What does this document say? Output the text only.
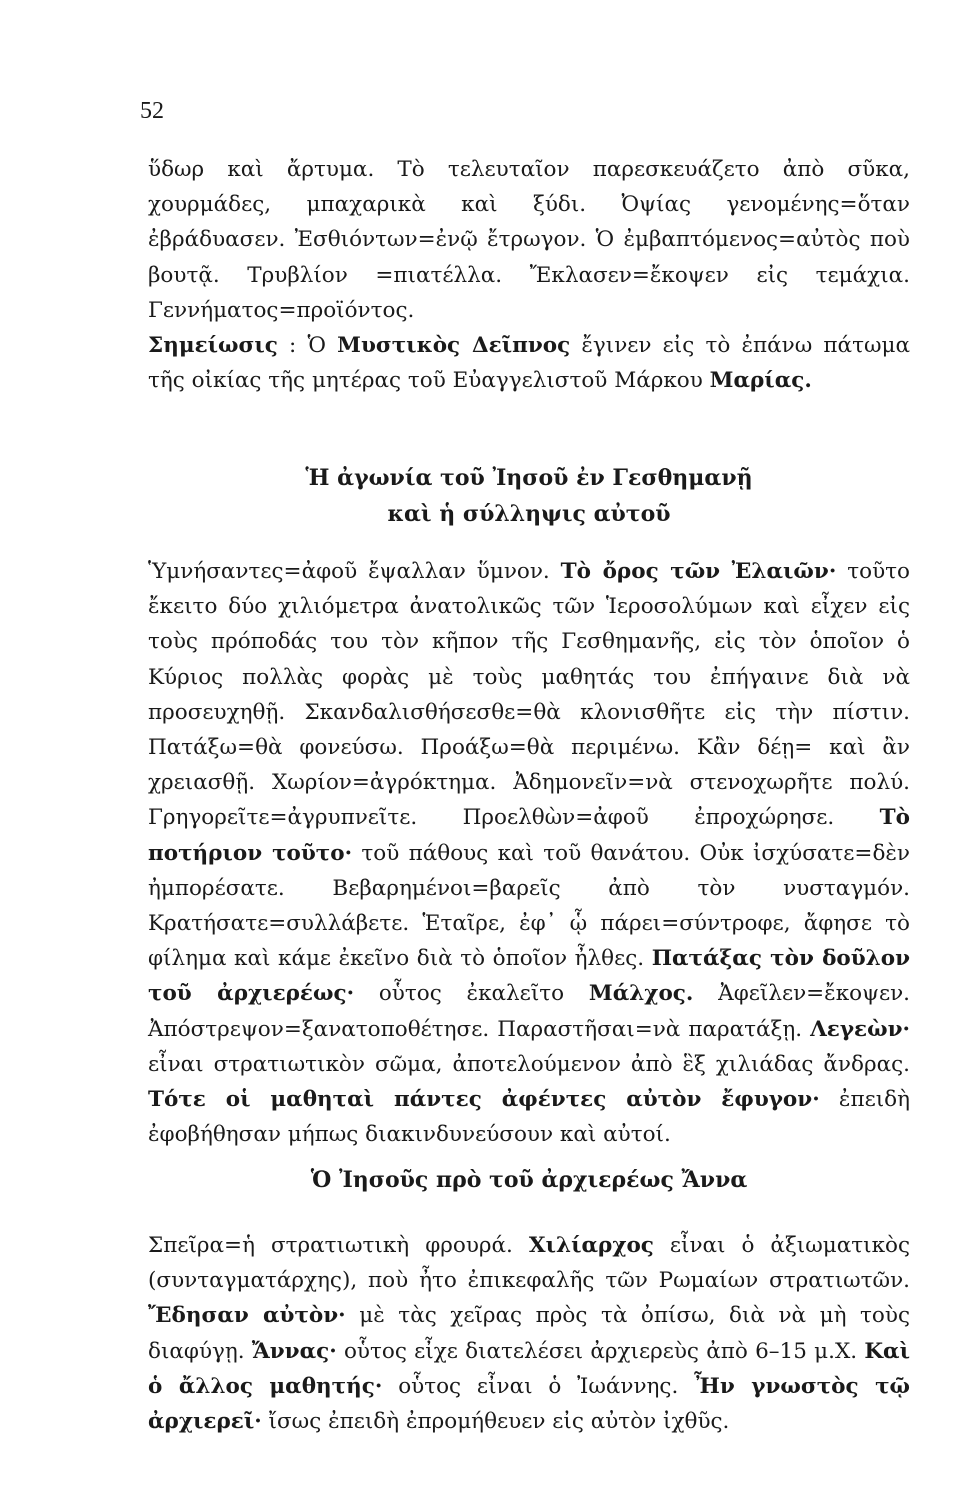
52

ὕδωρ καὶ ἄρτυμα. Τὸ τελευταῖον παρεσκευάζετο ἀπὸ σῦκα, χουρμάδες, μπαχαρικὰ καὶ ξύδι. Ὀψίας γενομένης=ὅταν ἐβράδυασεν. Ἐσθιόντων=ἐνῷ ἔτρωγον. Ὁ ἐμβαπτόμενος=αὐτὸς ποὺ βουτᾷ. Τρυβλίον =πιατέλλα. Ἔκλασεν=ἔκοψεν εἰς τεμάχια. Γεννήματος=προϊόντος.
Σημείωσις : Ὁ Μυστικὸς Δεῖπνος ἔγινεν εἰς τὸ ἐπάνω πάτωμα τῆς οἰκίας τῆς μητέρας τοῦ Εὐαγγελιστοῦ Μάρκου Μαρίας.

Ἡ ἀγωνία τοῦ Ἰησοῦ ἐν Γεσθημανῇ
καὶ ἡ σύλληψις αὐτοῦ

Ὑμνήσαντες=ἀφοῦ ἔψαλλαν ὕμνον. Τὸ ὄρος τῶν Ἐλαιῶν· τοῦτο ἔκειτο δύο χιλιόμετρα ἀνατολικῶς τῶν Ἱεροσολύμων καὶ εἶχεν εἰς τοὺς πρόποδάς του τὸν κῆπον τῆς Γεσθημανῆς, εἰς τὸν ὁποῖον ὁ Κύριος πολλὰς φορὰς μὲ τοὺς μαθητάς του ἐπήγαινε διὰ νὰ προσευχηθῇ. Σκανδαλισθήσεσθε=θὰ κλονισθῆτε εἰς τὴν πίστιν. Πατάξω=θὰ φονεύσω. Προάξω=θὰ περιμένω. Κἂν δέῃ= καὶ ἂν χρειασθῇ. Χωρίον=ἀγρόκτημα. Ἀδημονεῖν=νὰ στενοχωρῆτε πολύ. Γρηγορεῖτε=ἀγρυπνεῖτε. Προελθὼν=ἀφοῦ ἐπροχώρησε. Τὸ ποτήριον τοῦτο· τοῦ πάθους καὶ τοῦ θανάτου. Οὐκ ἰσχύσατε=δὲν ἠμπορέσατε. Βεβαρημένοι=βαρεῖς ἀπὸ τὸν νυσταγμόν. Κρατήσατε=συλλάβετε. Ἑταῖρε, ἐφ᾽ ᾧ πάρει=σύντροφε, ἄφησε τὸ φίλημα καὶ κάμε ἐκεῖνο διὰ τὸ ὁποῖον ἦλθες. Πατάξας τὸν δοῦλον τοῦ ἀρχιερέως· οὗτος ἐκαλεῖτο Μάλχος. Ἀφεῖλεν=ἔκοψεν. Ἀπόστρεψον=ξανατοποθέτησε. Παραστῆσαι=νὰ παρατάξῃ. Λεγεὼν· εἶναι στρατιωτικὸν σῶμα, ἀποτελούμενον ἀπὸ ἓξ χιλιάδας ἄνδρας. Τότε οἱ μαθηταὶ πάντες ἀφέντες αὐτὸν ἔφυγον· ἐπειδὴ ἐφοβήθησαν μήπως διακινδυνεύσουν καὶ αὐτοί.

Ὁ Ἰησοῦς πρὸ τοῦ ἀρχιερέως Ἄννα

Σπεῖρα=ἡ στρατιωτικὴ φρουρά. Χιλίαρχος εἶναι ὁ ἀξιωματικὸς (συνταγματάρχης), ποὺ ἦτο ἐπικεφαλῆς τῶν Ρωμαίων στρατιωτῶν. Ἔδησαν αὐτὸν· μὲ τὰς χεῖρας πρὸς τὰ ὀπίσω, διὰ νὰ μὴ τοὺς διαφύγῃ. Ἄννας· οὗτος εἶχε διατελέσει ἀρχιερεὺς ἀπὸ 6–15 μ.Χ. Καὶ ὁ ἄλλος μαθητής· οὗτος εἶναι ὁ Ἰωάννης. Ἦν γνωστὸς τῷ ἀρχιερεῖ· ἴσως ἐπειδὴ ἐπρομήθευεν εἰς αὐτὸν ἰχθῦς.
